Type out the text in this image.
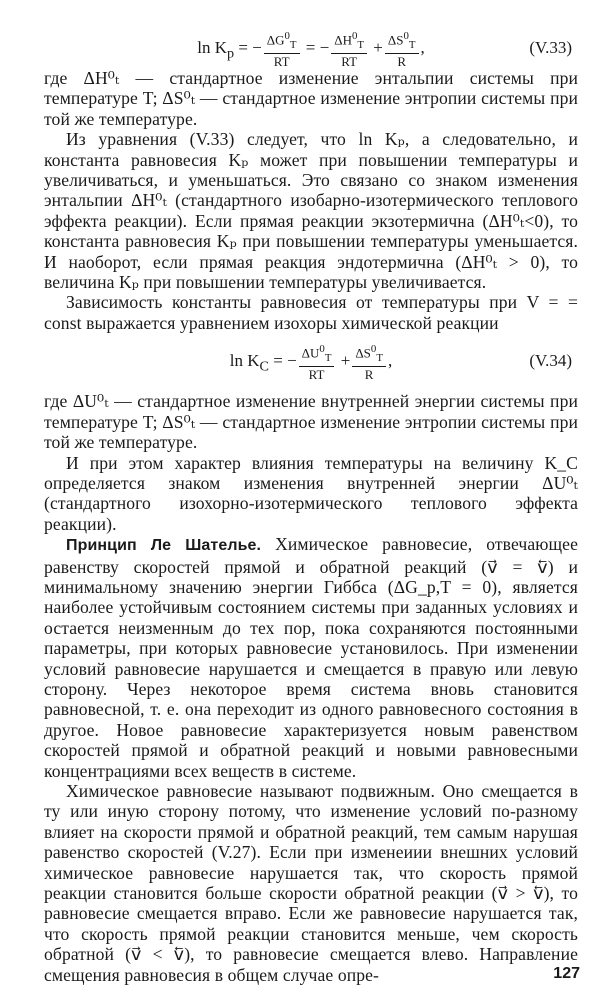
$\ln K_p$ = − $\frac{\Delta G^0_T}{RT}$ = − $\frac{\Delta H^0_T}{RT} + \frac{\Delta S^0_T}{R}$ ,	(V.33)

где ΔH⁰ₜ — стандартное изменение энтальпии системы при температуре T; ΔS⁰ₜ — стандартное изменение энтропии системы при той же температуре.

Из уравнения (V.33) следует, что ln Kₚ, а следовательно, и константа равновесия Kₚ может при повышении температуры и увеличиваться, и уменьшаться. Это связано со знаком изменения энтальпии ΔH⁰ₜ (стандартного изобарно-изотермического теплового эффекта реакции). Если прямая реакции экзотермична (ΔH⁰ₜ<0), то константа равновесия Kₚ при повышении температуры уменьшается. И наоборот, если прямая реакция эндотермична (ΔH⁰ₜ > 0), то величина Kₚ при повышении температуры увеличивается.

Зависимость константы равновесия от температуры при V = = const выражается уравнением изохоры химической реакции

$\ln K_C$ = − $\frac{\Delta U^0_T}{RT} + \frac{\Delta S^0_T}{R}$ ,	(V.34)

где ΔU⁰ₜ — стандартное изменение внутренней энергии системы при температуре T; ΔS⁰ₜ — стандартное изменение энтропии системы при той же температуре.

И при этом характер влияния температуры на величину K_C определяется знаком изменения внутренней энергии ΔU⁰ₜ (стандартного изохорно-изотермического теплового эффекта реакции).

Принцип Ле Шателье. Химическое равновесие, отвечающее равенству скоростей прямой и обратной реакций (v⃗ = v⃖) и минимальному значению энергии Гиббса (ΔG_p,T = 0), является наиболее устойчивым состоянием системы при заданных условиях и остается неизменным до тех пор, пока сохраняются постоянными параметры, при которых равновесие установилось. При изменении условий равновесие нарушается и смещается в правую или левую сторону. Через некоторое время система вновь становится равновесной, т. е. она переходит из одного равновесного состояния в другое. Новое равновесие характеризуется новым равенством скоростей прямой и обратной реакций и новыми равновесными концентрациями всех веществ в системе.

Химическое равновесие называют подвижным. Оно смещается в ту или иную сторону потому, что изменение условий по-разному влияет на скорости прямой и обратной реакций, тем самым нарушая равенство скоростей (V.27). Если при изменеиии внешних условий химическое равновесие нарушается так, что скорость прямой реакции становится больше скорости обратной реакции (v⃗ > v⃖), то равновесие смещается вправо. Если же равновесие нарушается так, что скорость прямой реакции становится меньше, чем скорость обратной (v⃗ < v⃖), то равновесие смещается влево. Направление смещения равновесия в общем случае опре-	127
